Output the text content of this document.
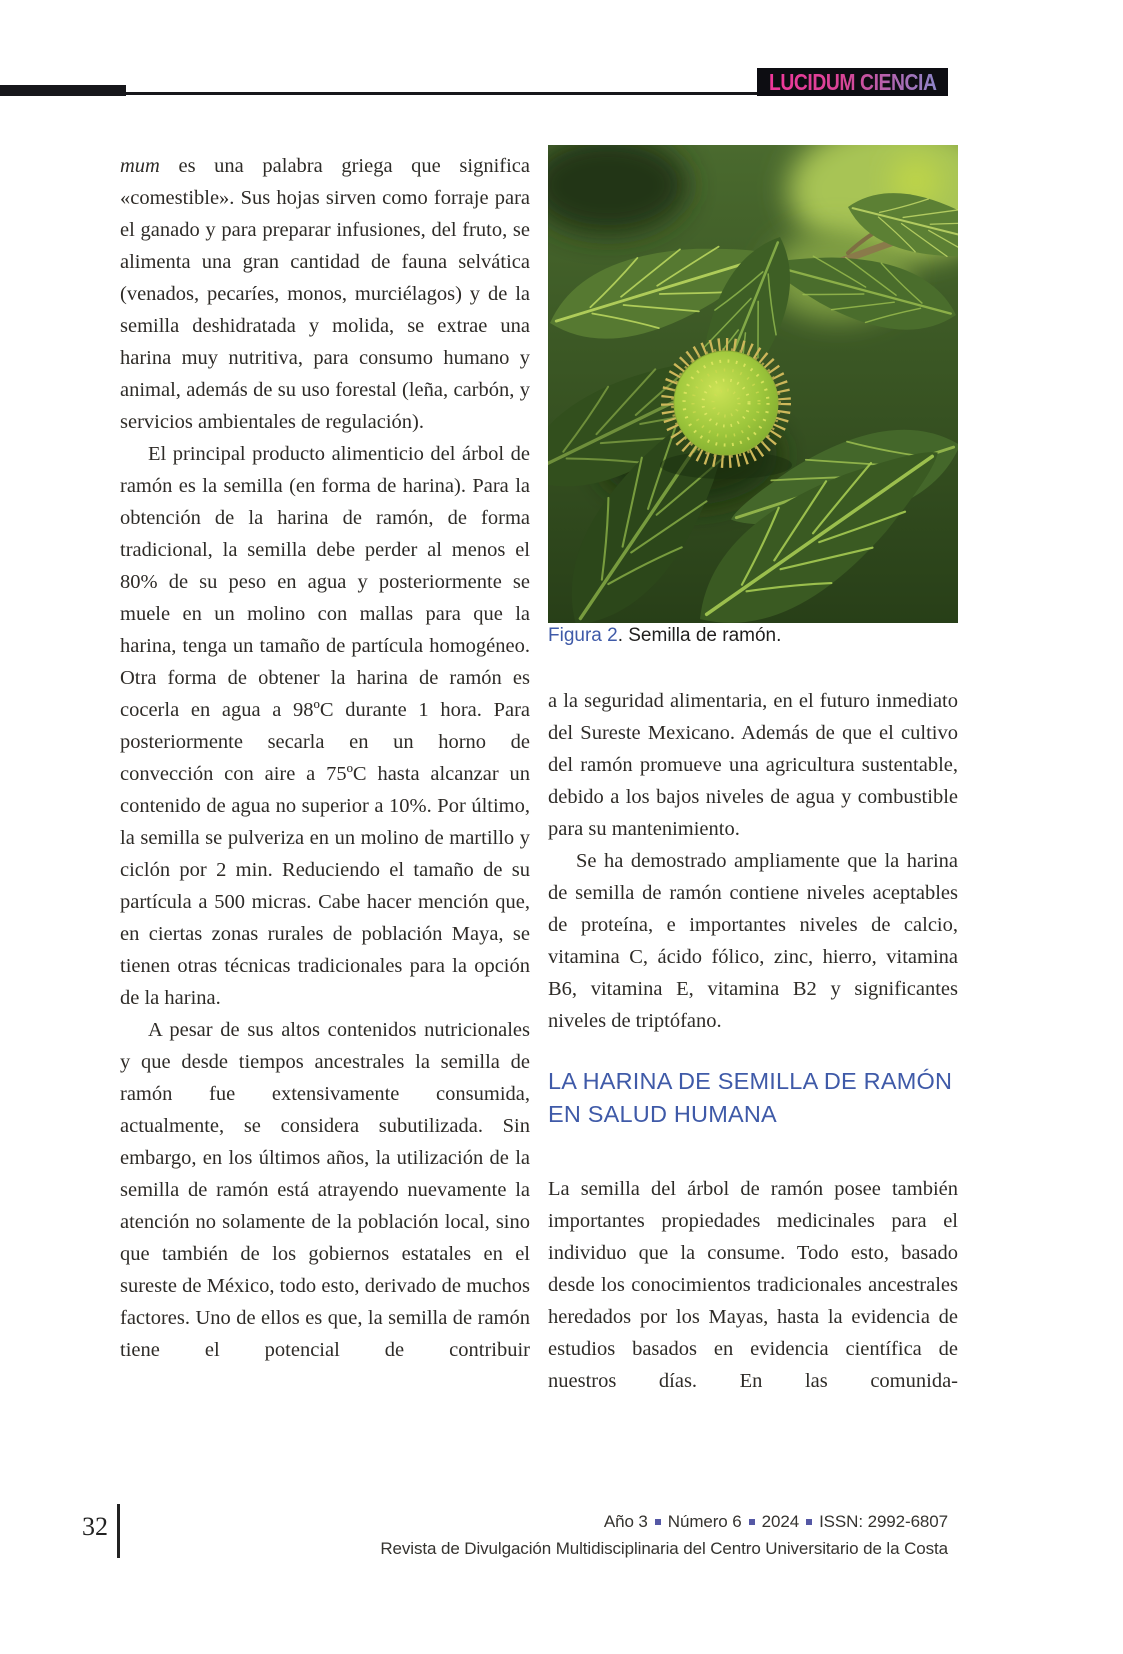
LUCIDUM CIENCIA

mum es una palabra griega que significa «comestible». Sus hojas sirven como forraje para el ganado y para preparar infusiones, del fruto, se alimenta una gran cantidad de fauna selvática (venados, pecaríes, monos, murciélagos) y de la semilla deshidratada y molida, se extrae una harina muy nutritiva, para consumo humano y animal, además de su uso forestal (leña, carbón, y servicios ambientales de regulación).

El principal producto alimenticio del árbol de ramón es la semilla (en forma de harina). Para la obtención de la harina de ramón, de forma tradicional, la semilla debe perder al menos el 80% de su peso en agua y posteriormente se muele en un molino con mallas para que la harina, tenga un tamaño de partícula homogéneo. Otra forma de obtener la harina de ramón es cocerla en agua a 98ºC durante 1 hora. Para posteriormente secarla en un horno de convección con aire a 75ºC hasta alcanzar un contenido de agua no superior a 10%. Por último, la semilla se pulveriza en un molino de martillo y ciclón por 2 min. Reduciendo el tamaño de su partícula a 500 micras. Cabe hacer mención que, en ciertas zonas rurales de población Maya, se tienen otras técnicas tradicionales para la opción de la harina.

A pesar de sus altos contenidos nutricionales y que desde tiempos ancestrales la semilla de ramón fue extensivamente consumida, actualmente, se considera subutilizada. Sin embargo, en los últimos años, la utilización de la semilla de ramón está atrayendo nuevamente la atención no solamente de la población local, sino que también de los gobiernos estatales en el sureste de México, todo esto, derivado de muchos factores. Uno de ellos es que, la semilla de ramón tiene el potencial de contribuir

Figura 2. Semilla de ramón.

a la seguridad alimentaria, en el futuro inmediato del Sureste Mexicano. Además de que el cultivo del ramón promueve una agricultura sustentable, debido a los bajos niveles de agua y combustible para su mantenimiento.

Se ha demostrado ampliamente que la harina de semilla de ramón contiene niveles aceptables de proteína, e importantes niveles de calcio, vitamina C, ácido fólico, zinc, hierro, vitamina B6, vitamina E, vitamina B2 y significantes niveles de triptófano.

LA HARINA DE SEMILLA DE RAMÓN EN SALUD HUMANA

La semilla del árbol de ramón posee también importantes propiedades medicinales para el individuo que la consume. Todo esto, basado desde los conocimientos tradicionales ancestrales heredados por los Mayas, hasta la evidencia de estudios basados en evidencia científica de nuestros días. En las comunida-

32	Año 3 Número 6 2024 ISSN: 2992-6807
Revista de Divulgación Multidisciplinaria del Centro Universitario de la Costa
